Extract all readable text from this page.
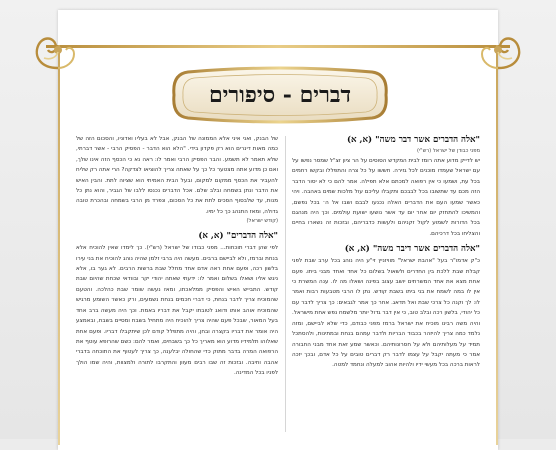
דברים - סיפורים
"אלה הדברים אשר דבר משה" (א, א)
מפני כבודן של ישראל (רש"י)

יש לדייק מדוע אתה רומז לבית המקדש הסוסים על הר ציון זצ"ל שמסר נפשו על עם ישראל שעמדו מוכנים לכל גזירה. חששו על כל צרה והתפללו ובקשו רחמים בכל עת, ושמעו כי אין רפואה למכתם אלא תפילה. אמר להם כי לא יסור הדבר הזה מכם עד שתשובו בכל לבבכם ותקבלו עליכם עול מלכות שמים באהבה. ויהי כאשר שמעו העם את הדברים האלה נכנעו לבבם ושבו אל ה׳ בכל נפשם, והמשיכו להתחזק יום אחר יום עד אשר נושעו ישועת עולמים. וכך היה מנהגם בכל הדורות לשמוע לקול זקניהם ולעשות כדבריהם, ובזכות זה נשארו בחיים והצליחו בכל דרכיהם.

"אלה הדברים אשר דיבר משה" (א, א)

כ"ק אדמו"ר בעל "אהבת ישראל" מוויזניץ זי"ע היה נוהג בכל ערב שבת לפני קבלת שבת ללכת בין החדרים ולשאול בשלום כל אחד ואחד מבני ביתו. פעם אחת מצא את אחד המשרתים יושב עצוב בפינה ושאלו מה לו. ענה המשרת כי אין לו במה לשמח את בני ביתו בשבת קודש. נתן לו הרבי מטבעות רבות ואמר לו: לך וקנה כל צרכי שבת ואל תדאג. אחר כך אמר לגבאים: כך צריך לדבר עם כל יהודי, בלשון רכה ובלב טוב, כי אין דבר גדול יותר מלשמח נפש אחת מישראל. והיה משה רבינו מוכיח את ישראל ברמז מפני כבודם, כדי שלא לביישם, ומזה נלמד כמה צריך להיזהר בכבוד הבריות ולדבר עמהם בנחת ובמתינות, ולהסתכל תמיד על מעלותיהם ולא על חסרונותיהם. וכאשר שמע זאת אחד מבני החבורה אמר כי מעתה יקבל על עצמו לדבר רק דברים טובים על כל אדם, ובכך יזכה לראות ברכה בכל מעשי ידיו ולהיות אהוב למעלה ונחמד למטה.

של הבנק, ואני איני אלא הממונה של הבנק, אבל לא בעליו ואדוניו, והסכום הזה של כמה מאות דינרים הוא רק פקדון בידי. "הלא הוא הדבר - הפסיק הרבי - אשר דברתי, שלא תאמר לא תשמע. והבר הפסיק הרבי ואמר לו: ראה נא כי הכסף הזה אינו שלך, ואם כן מדוע אתה מצטער כל כך על שאתה צריך להוציאו לצדקה? הרי אתה רק שליח להעביר את הכסף ממקום למקום, ובעל הבית האמיתי הוא שציוה לתת. והבין האיש את הדבר ונתן בשמחה ובלב שלם. אכל הדברים נכנסו ללבו של הגביר, והוא נתן כל מנות, עד שלבסוף הסכים לתת את כל הסכום, ונפרד מן הרבי בשמחה ובהכרת טובה גדולה, ומאז התנהג כך כל ימיו.

(קודש ישראל)
"אלה הדברים" (א, א)

לפי שהן דברי תוכחות... מפני כבודו של ישראל (רש"י). כך לימדו שאין להוכיח אלא בנחת וברמז, ולא לביישם ברבים. מעשה היה ברבי זלמן שהיה נוהג להוכיח את בני עירו בלשון רכה, ופעם אחת ראה אדם אחד מחלל שבת ברשות הרבים. לא גער בו, אלא ניגש אליו ושאלו בשלום ואמר לו: ידעתי שאתה יהודי יקר ובוודאי שכחת שהיום שבת קודש. התבייש האיש והפסיק ממלאכתו, ומאז נעשה שומר שבת כהלכה. והטעם שהמוכיח צריך לדבר בנחת, כי דברי חכמים בנחת נשמעים, ורק כאשר השומע מרגיש שהמוכיח אוהב אותו ודואג לטובתו יקבל את דבריו באמת. וכך היה מעשה ברב אחד בעל המאור, שבכל פעם שהיה צריך להוכיח היה מתחיל בשבח ומסיים בשבח, ובאמצע היה אומר את דבריו בקצרה ובחן, והיה מתפלל קודם לכן שיתקבלו דבריו. ופעם אחת שאלוהו תלמידיו מדוע הוא מאריך כל כך בשבחים, ואמר להם: כשם שהרופא עוטף את הרפואה המרה בדבר מתוק כדי שהחולה יבלענה, כך צריך לעטוף את התוכחה בדברי אהבה וחיבה. ובזכות זה שבו רבים מעוון והתקרבו לתורה ולמצוות, והיה שמו הולך לפניו בכל המדינה.
